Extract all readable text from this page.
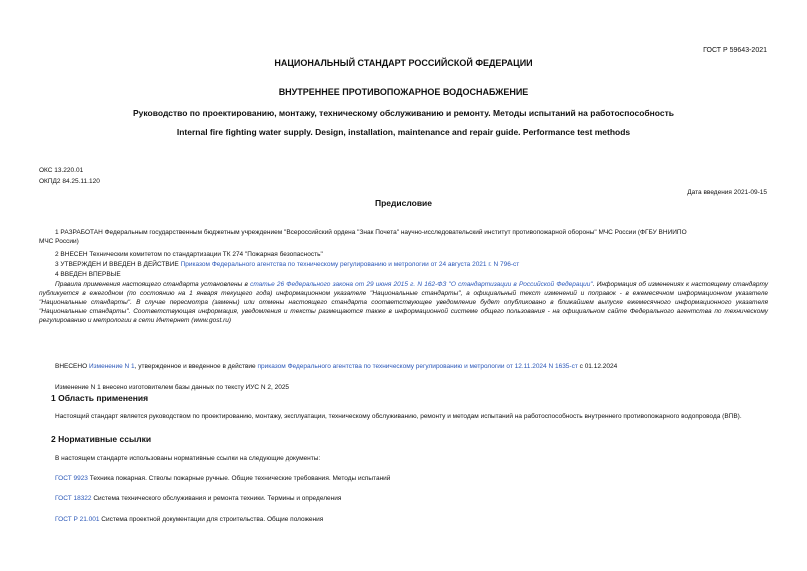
ГОСТ Р 59643-2021
НАЦИОНАЛЬНЫЙ СТАНДАРТ РОССИЙСКОЙ ФЕДЕРАЦИИ
ВНУТРЕННЕЕ ПРОТИВОПОЖАРНОЕ ВОДОСНАБЖЕНИЕ
Руководство по проектированию, монтажу, техническому обслуживанию и ремонту. Методы испытаний на работоспособность
Internal fire fighting water supply. Design, installation, maintenance and repair guide. Performance test methods
ОКС 13.220.01
ОКПД2 84.25.11.120
Дата введения 2021-09-15
Предисловие
1 РАЗРАБОТАН Федеральным государственным бюджетным учреждением "Всероссийский ордена "Знак Почета" научно-исследовательский институт противопожарной обороны" МЧС России (ФГБУ ВНИИПО
МЧС России)
2 ВНЕСЕН Техническим комитетом по стандартизации ТК 274 "Пожарная безопасность"
3 УТВЕРЖДЕН И ВВЕДЕН В ДЕЙСТВИЕ Приказом Федерального агентства по техническому регулированию и метрологии от 24 августа 2021 г. N 796-ст
4 ВВЕДЕН ВПЕРВЫЕ
Правила применения настоящего стандарта установлены в статье 26 Федерального закона от 29 июня 2015 г. N 162-ФЗ "О стандартизации в Российской Федерации". Информация об изменениях к настоящему стандарту публикуется в ежегодном (по состоянию на 1 января текущего года) информационном указателе "Национальные стандарты", а официальный текст изменений и поправок - в ежемесячном информационном указателе "Национальные стандарты". В случае пересмотра (замены) или отмены настоящего стандарта соответствующее уведомление будет опубликовано в ближайшем выпуске ежемесячного информационного указателя "Национальные стандарты". Соответствующая информация, уведомления и тексты размещаются также в информационной системе общего пользования - на официальном сайте Федерального агентства по техническому регулированию и метрологии в сети Интернет (www.gost.ru)
ВНЕСЕНО Изменение N 1, утвержденное и введенное в действие приказом Федерального агентства по техническому регулированию и метрологии от 12.11.2024 N 1635-ст с 01.12.2024
Изменение N 1 внесено изготовителем базы данных по тексту ИУС N 2, 2025
1 Область применения
Настоящий стандарт является руководством по проектированию, монтажу, эксплуатации, техническому обслуживанию, ремонту и методам испытаний на работоспособность внутреннего противопожарного водопровода (ВПВ).
2 Нормативные ссылки
В настоящем стандарте использованы нормативные ссылки на следующие документы:
ГОСТ 9923 Техника пожарная. Стволы пожарные ручные. Общие технические требования. Методы испытаний
ГОСТ 18322 Система технического обслуживания и ремонта техники. Термины и определения
ГОСТ Р 21.001 Система проектной документации для строительства. Общие положения
